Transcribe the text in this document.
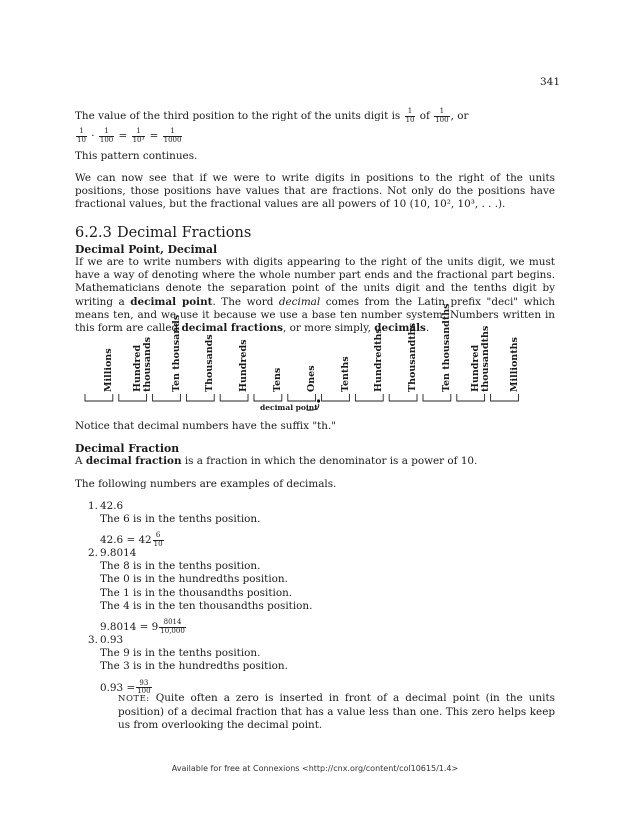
341
The value of the third position to the right of the units digit is $\frac{1}{10}$ of $\frac{1}{100}$ , or
$\frac{1}{10} \cdot \frac{1}{100} = \frac{1}{\text{10³}} = \frac{1}{1000}$
This pattern continues.
We can now see that if we were to write digits in positions to the right of the units positions, those positions have values that are fractions. Not only do the positions have fractional values, but the fractional values are all powers of 10 (10, 10², 10³, . . .).
6.2.3 Decimal Fractions
Decimal Point, Decimal
If we are to write numbers with digits appearing to the right of the units digit, we must have a way of denoting where the whole number part ends and the fractional part begins. Mathematicians denote the separation point of the units digit and the tenths digit by writing a decimal point. The word decimal comes from the Latin prefix "deci" which means ten, and we use it because we use a base ten number system. Numbers written in this form are called decimal fractions, or more simply, decimals.
decimal point
Millions Hundred thousands Ten thousands Thousands Hundreds Tens Ones Tenths Hundredths Thousandths Ten thousandths Hundred thousandths Millionths
Notice that decimal numbers have the suffix "th."
Decimal Fraction
A decimal fraction is a fraction in which the denominator is a power of 10.
The following numbers are examples of decimals.
1. 42.6
The 6 is in the tenths position.
$42.6 = 42 \frac{6}{10}$
2. 9.8014
The 8 is in the tenths position.
The 0 is in the hundredths position.
The 1 is in the thousandths position.
The 4 is in the ten thousandths position.
$9.8014 = 9 \frac{8014}{10,000}$
3. 0.93
The 9 is in the tenths position.
The 3 is in the hundredths position.
$0.93 = \frac{93}{100}$
NOTE: Quite often a zero is inserted in front of a decimal point (in the units position) of a decimal fraction that has a value less than one. This zero helps keep us from overlooking the decimal point.
Available for free at Connexions <http://cnx.org/content/col10615/1.4>
